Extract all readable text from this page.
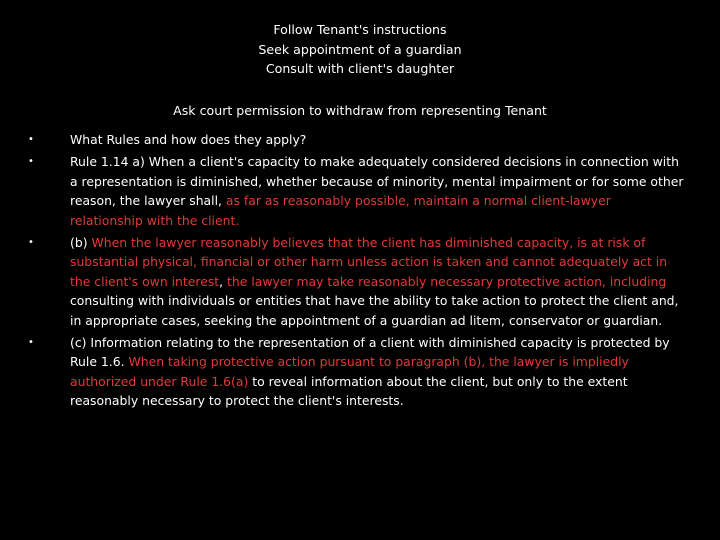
Follow Tenant's instructions
Seek appointment of a guardian
Consult with client's daughter
Ask court permission to withdraw from representing Tenant
•	What Rules and how does they apply?
•	Rule 1.14 a) When a client's capacity to make adequately considered decisions in connection with a representation is diminished, whether because of minority, mental impairment or for some other reason, the lawyer shall, as far as reasonably possible, maintain a normal client-lawyer relationship with the client.
•	(b) When the lawyer reasonably believes that the client has diminished capacity, is at risk of substantial physical, financial or other harm unless action is taken and cannot adequately act in the client's own interest, the lawyer may take reasonably necessary protective action, including consulting with individuals or entities that have the ability to take action to protect the client and, in appropriate cases, seeking the appointment of a guardian ad litem, conservator or guardian.
•	(c) Information relating to the representation of a client with diminished capacity is protected by Rule 1.6. When taking protective action pursuant to paragraph (b), the lawyer is impliedly authorized under Rule 1.6(a) to reveal information about the client, but only to the extent reasonably necessary to protect the client's interests.
